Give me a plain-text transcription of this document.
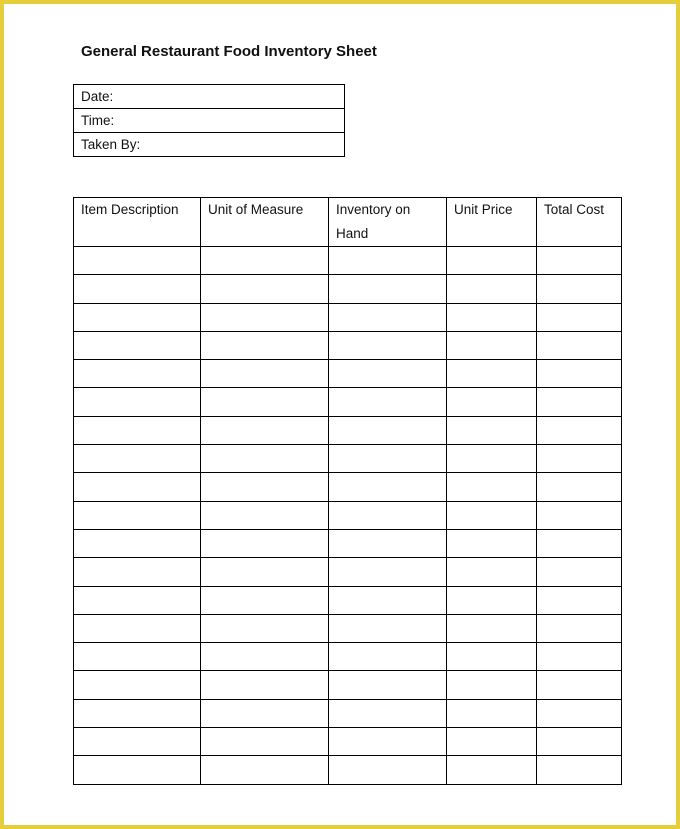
General Restaurant Food Inventory Sheet
Date:
Time:
Taken By:
Item Description	Unit of Measure	Inventory on Hand	Unit Price	Total Cost
